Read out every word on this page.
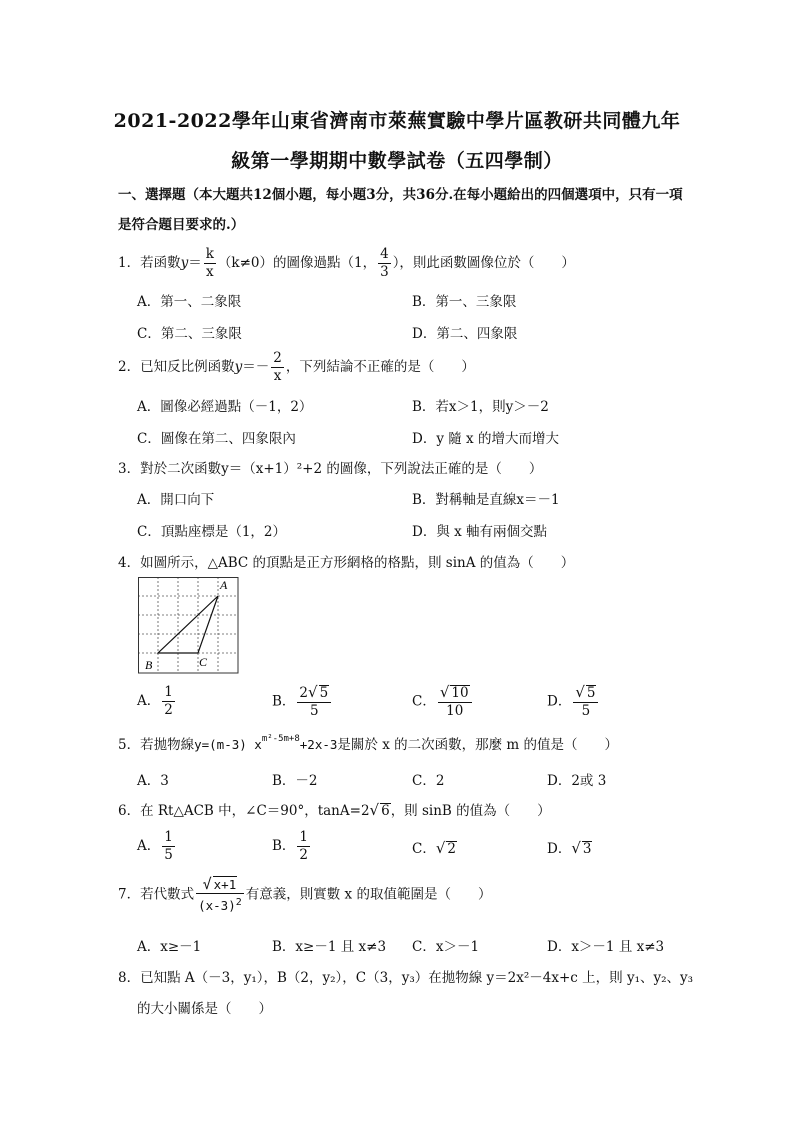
2021-2022學年山東省濟南市萊蕪實驗中學片區教研共同體九年
級第一學期期中數學試卷（五四學制）
一、選擇題（本大題共12個小題，每小題3分，共36分.在每小題給出的四個選項中，只有一項是符合題目要求的.）
1．若函數$y= \frac{k}{x} (k\ne 0)$的圖像過點（1， $\frac{4}{3}$ ），則此函數圖像位於（　　）
A．第一、二象限	B．第一、三象限
C．第二、三象限	D．第二、四象限
2．已知反比例函數$y=- \frac{2}{x}$ ，下列結論不正確的是（　　）
A．圖像必經過點（－1，2）	B．若x＞1，則y＞－2
C．圖像在第二、四象限內	D．y 隨 x 的增大而增大
3．對於二次函數y＝（x+1）²+2 的圖像，下列說法正確的是（　　）
A．開口向下	B．對稱軸是直線x＝－1
C．頂點座標是（1，2）	D．與 x 軸有兩個交點
4．如圖所示，△ABC 的頂點是正方形網格的格點，則 sinA 的值為（　　）
A
B	C
A． $\frac{1}{2}$	B． $\frac{2√ 5}{5}$	C． $\frac{√ 10}{10}$	D． $\frac{√ 5}{5}$
5．若拋物線y=(m-3) $x^{m^2-5m+8}+2x-3$是關於 x 的二次函數，那麼 m 的值是（　　）
A．3	B．－2	C．2	D．2或 3
6．在 Rt△ACB 中，∠C＝90°，tanA=2√ 6，則 sinB 的值為（　　）
A． $\frac{1}{5}$	B． $\frac{1}{2}$	C．√ 2	D．√ 3
7．若代數式 $\frac{√ x+1}{(x-3)^2}$ 有意義，則實數 x 的取值範圍是（　　）
A．x≥－1	B．x≥－1 且 x≠3 C．x＞－1	D．x＞－1 且 x≠3
8．已知點 A（－3，y₁），B（2，y₂），C（3，y₃）在拋物線 y＝2x²－4x+c 上，則 y₁、y₂、y₃
的大小關係是（　　）
